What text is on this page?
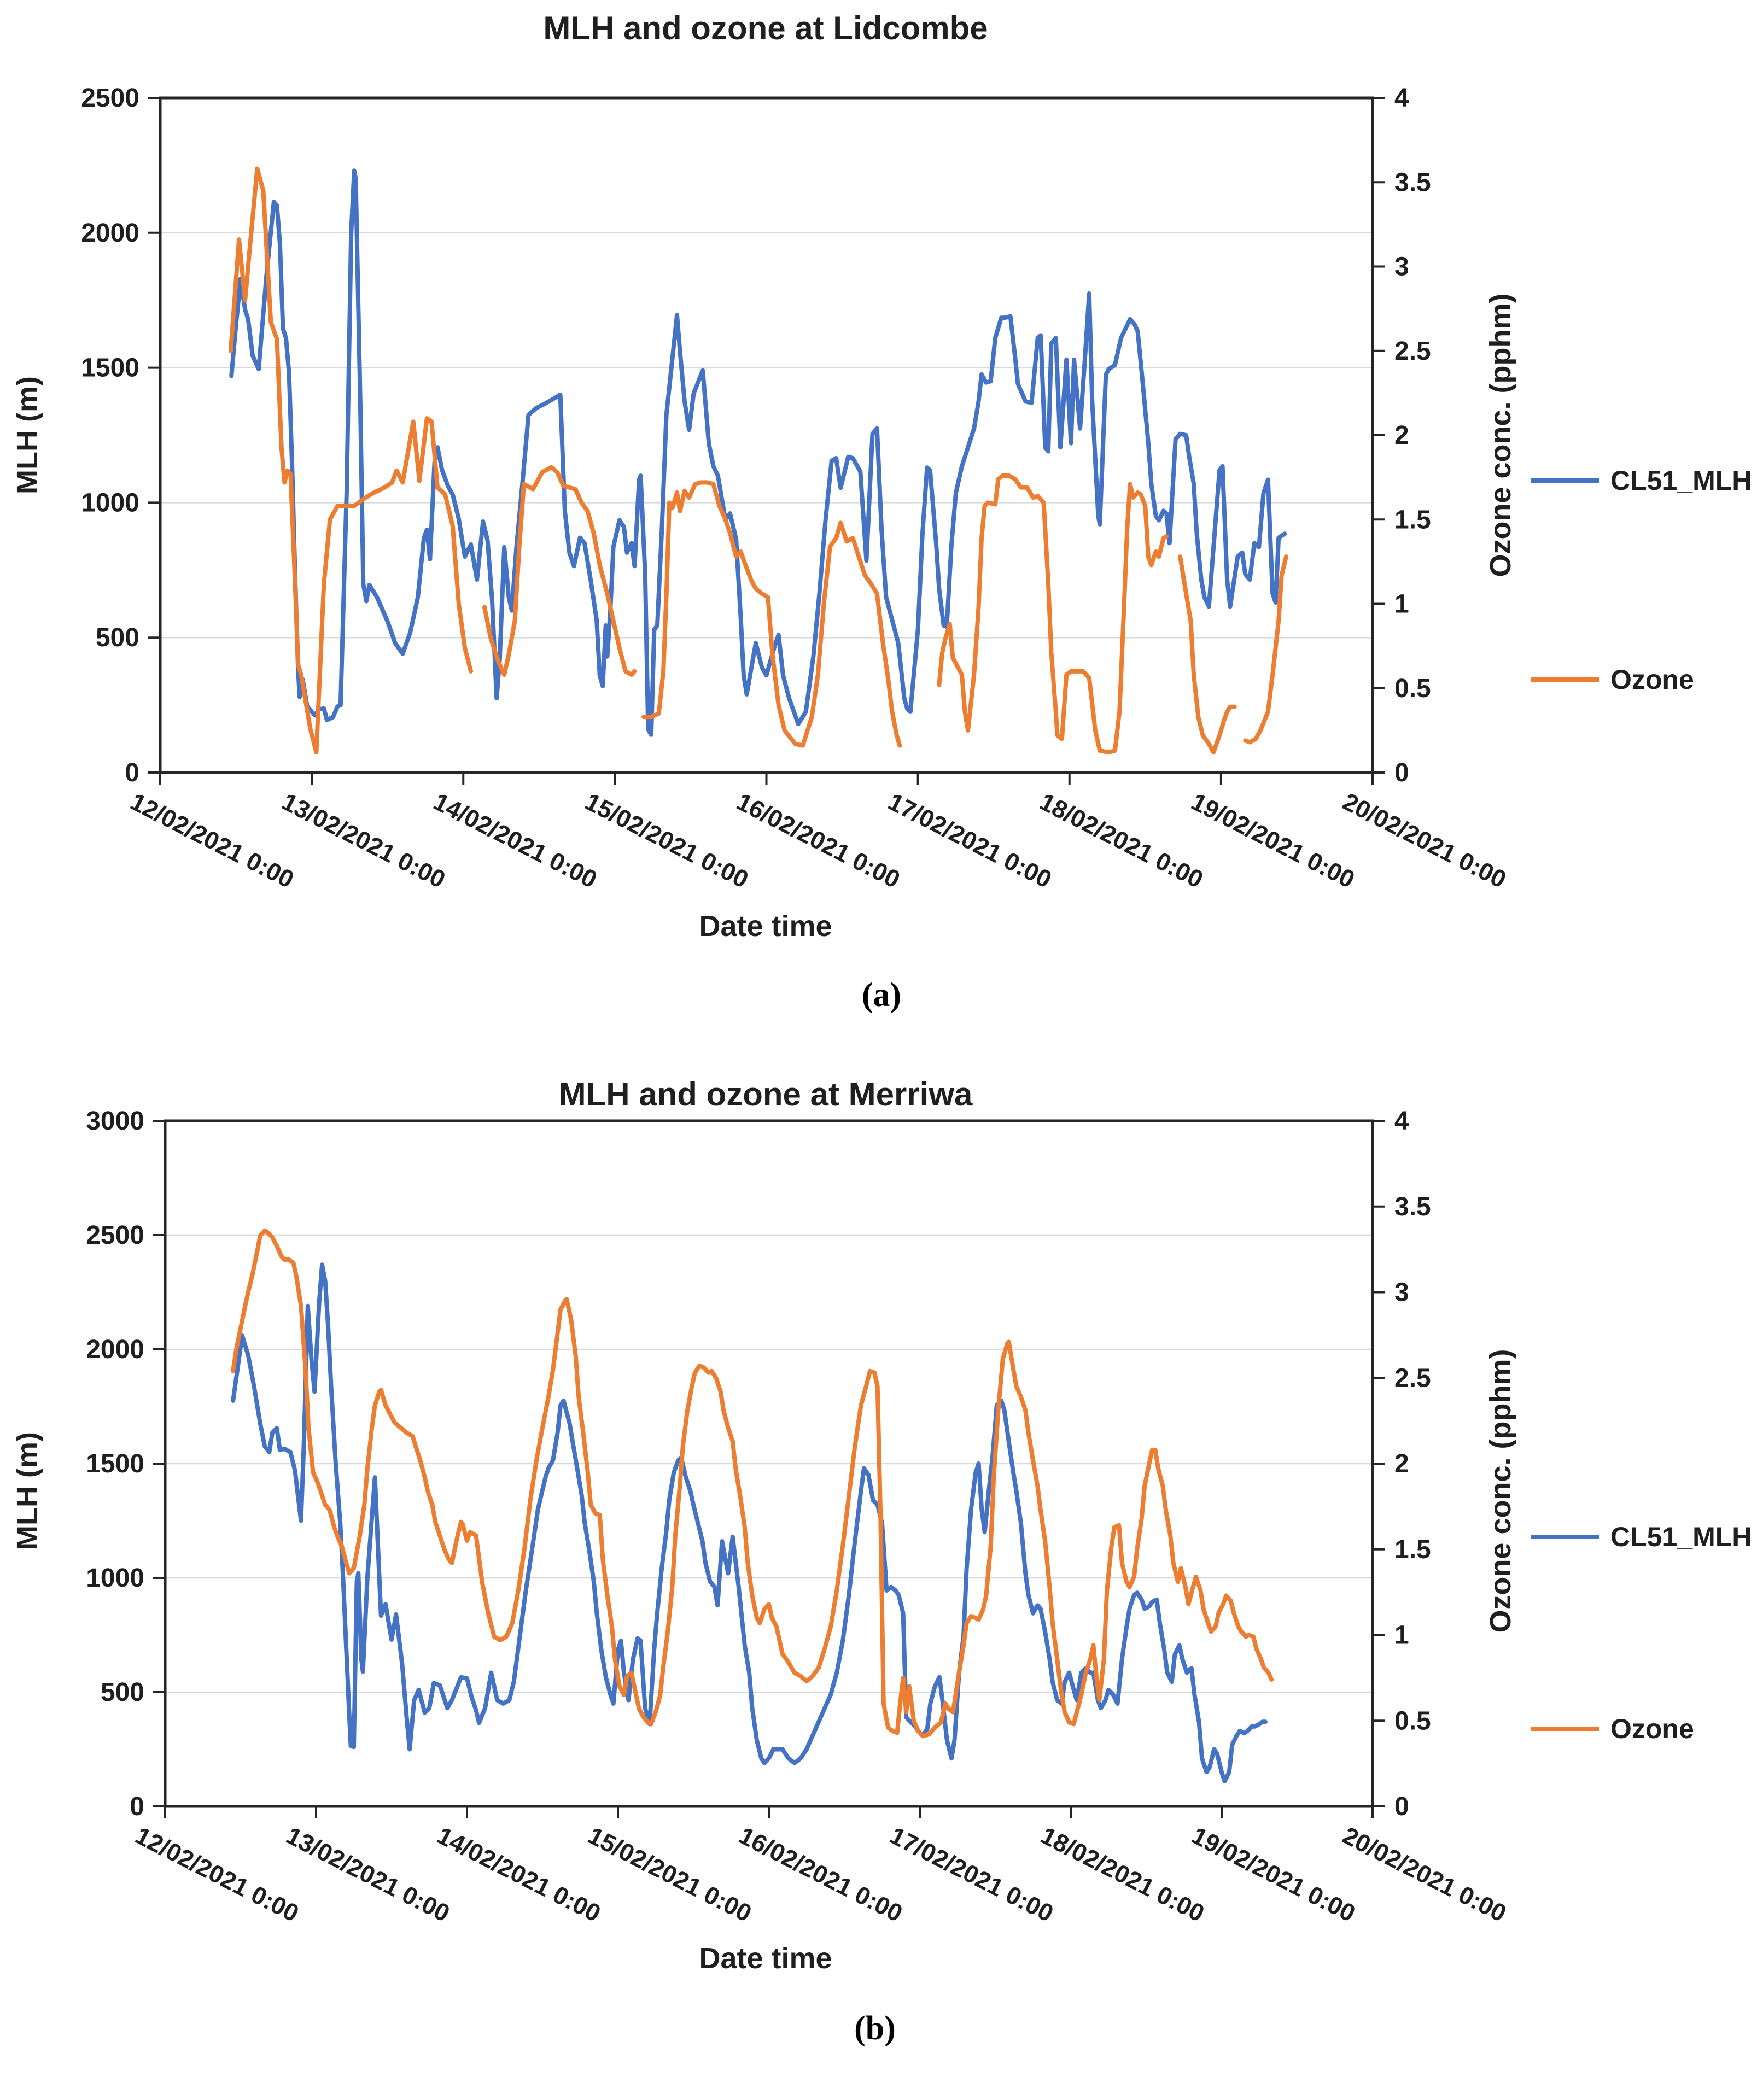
MLH and ozone at Lidcombe
0
500
1000
1500
2000
2500
0
0.5
1
1.5
2
2.5
3
3.5
4
12/02/2021 0:00
13/02/2021 0:00
14/02/2021 0:00
15/02/2021 0:00
16/02/2021 0:00
17/02/2021 0:00
18/02/2021 0:00
19/02/2021 0:00
20/02/2021 0:00
MLH (m)	Ozone conc. (pphm)
Date time
CL51_MLH
Ozone
(a)
MLH and ozone at Merriwa
0
500
1000
1500
2000
2500
3000
0
0.5
1
1.5
2
2.5
3
3.5
4
12/02/2021 0:00
13/02/2021 0:00
14/02/2021 0:00
15/02/2021 0:00
16/02/2021 0:00
17/02/2021 0:00
18/02/2021 0:00
19/02/2021 0:00
20/02/2021 0:00
MLH (m)	Ozone conc. (pphm)
Date time
CL51_MLH
Ozone
(b)
